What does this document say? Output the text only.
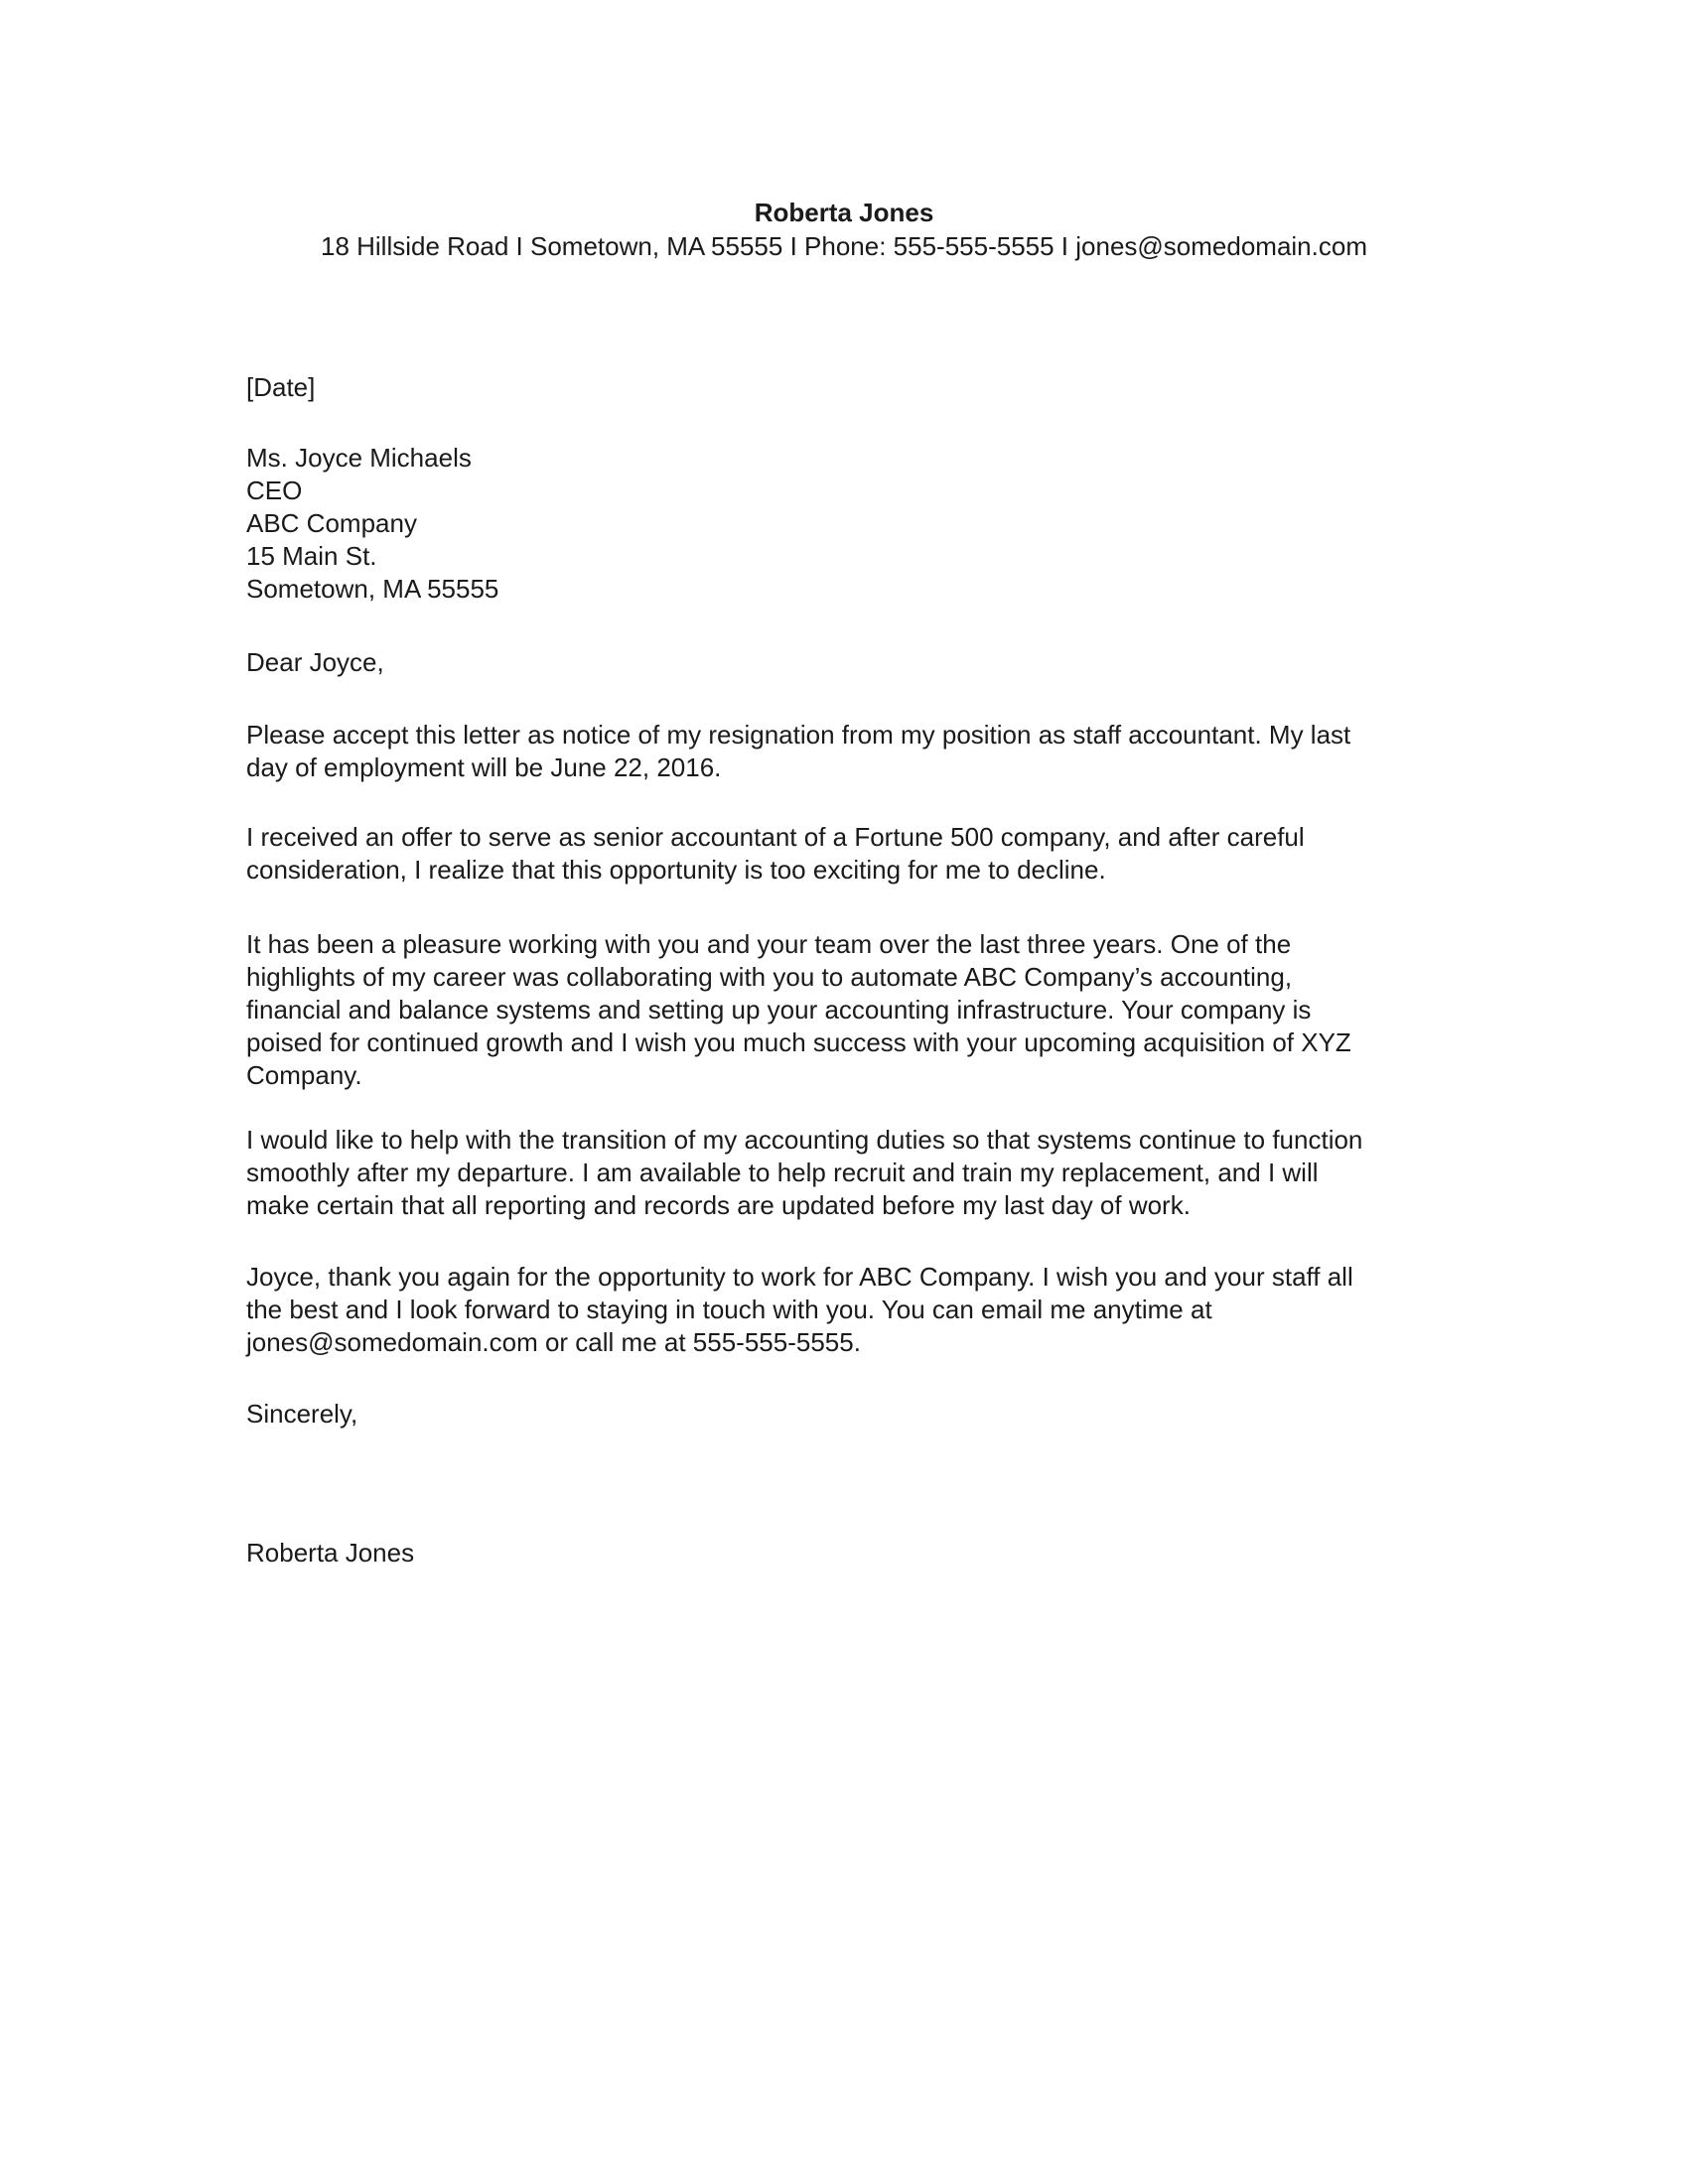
Roberta Jones

18 Hillside Road I Sometown, MA 55555 I Phone: 555-555-5555 I jones@somedomain.com

[Date]

Ms. Joyce Michaels
CEO
ABC Company
15 Main St.
Sometown, MA 55555

Dear Joyce,

Please accept this letter as notice of my resignation from my position as staff accountant. My last
day of employment will be June 22, 2016.
I received an offer to serve as senior accountant of a Fortune 500 company, and after careful
consideration, I realize that this opportunity is too exciting for me to decline.
It has been a pleasure working with you and your team over the last three years. One of the
highlights of my career was collaborating with you to automate ABC Company’s accounting,
financial and balance systems and setting up your accounting infrastructure. Your company is
poised for continued growth and I wish you much success with your upcoming acquisition of XYZ
Company.
I would like to help with the transition of my accounting duties so that systems continue to function
smoothly after my departure. I am available to help recruit and train my replacement, and I will
make certain that all reporting and records are updated before my last day of work.
Joyce, thank you again for the opportunity to work for ABC Company. I wish you and your staff all
the best and I look forward to staying in touch with you. You can email me anytime at
jones@somedomain.com or call me at 555-555-5555.

Sincerely,

Roberta Jones
